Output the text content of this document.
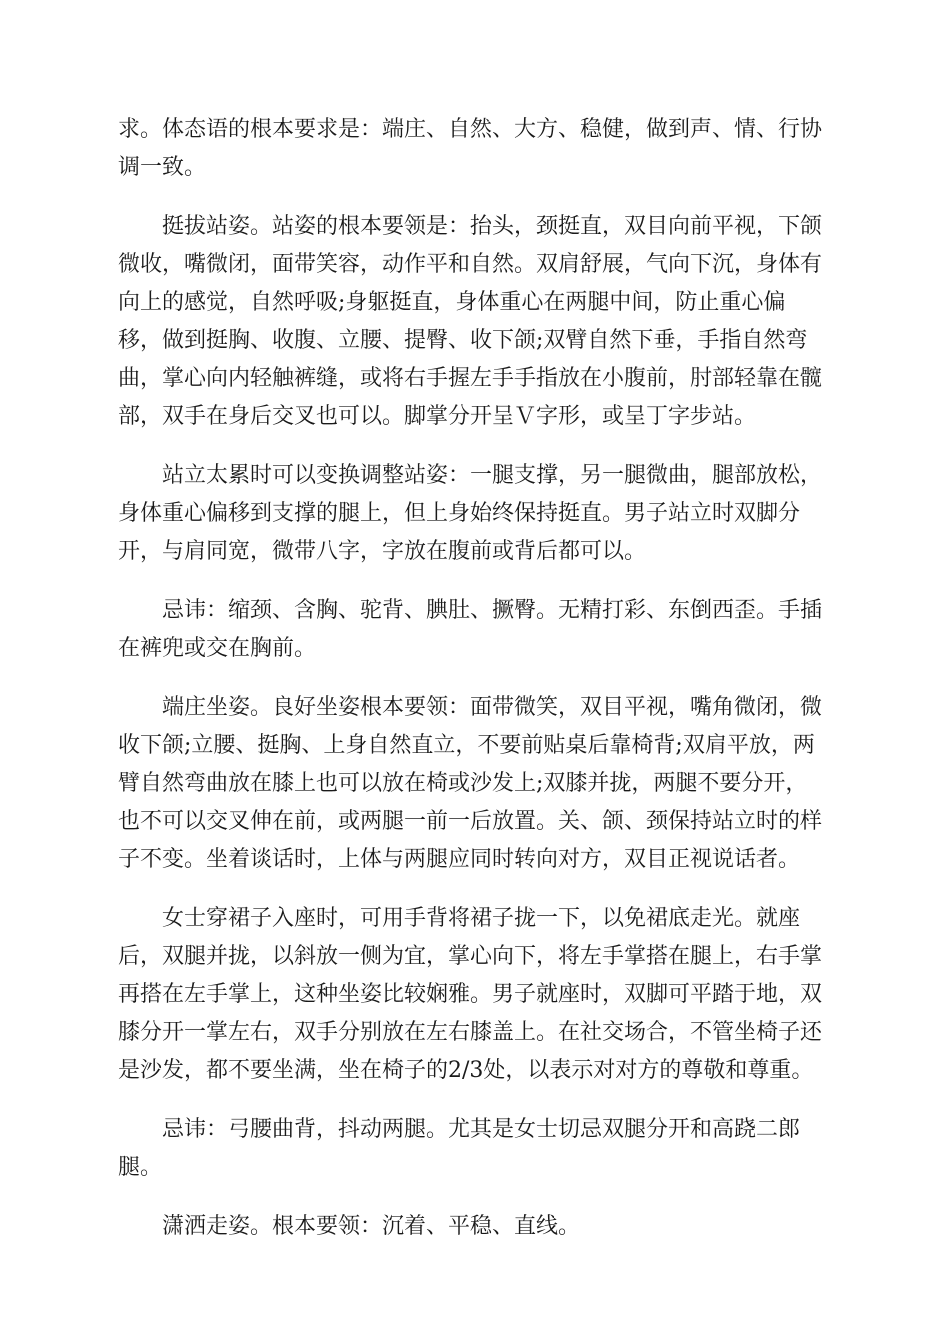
求。体态语的根本要求是：端庄、自然、大方、稳健，做到声、情、行协
调一致。
挺拔站姿。站姿的根本要领是：抬头，颈挺直，双目向前平视，下颌
微收，嘴微闭，面带笑容，动作平和自然。双肩舒展，气向下沉，身体有
向上的感觉，自然呼吸;身躯挺直，身体重心在两腿中间，防止重心偏
移，做到挺胸、收腹、立腰、提臀、收下颌;双臂自然下垂，手指自然弯
曲，掌心向内轻触裤缝，或将右手握左手手指放在小腹前，肘部轻靠在髋
部，双手在身后交叉也可以。脚掌分开呈Ｖ字形，或呈丁字步站。
站立太累时可以变换调整站姿：一腿支撑，另一腿微曲，腿部放松，
身体重心偏移到支撑的腿上，但上身始终保持挺直。男子站立时双脚分
开，与肩同宽，微带八字，字放在腹前或背后都可以。
忌讳：缩颈、含胸、驼背、腆肚、撅臀。无精打彩、东倒西歪。手插
在裤兜或交在胸前。
端庄坐姿。良好坐姿根本要领：面带微笑，双目平视，嘴角微闭，微
收下颌;立腰、挺胸、上身自然直立，不要前贴桌后靠椅背;双肩平放，两
臂自然弯曲放在膝上也可以放在椅或沙发上;双膝并拢，两腿不要分开，
也不可以交叉伸在前，或两腿一前一后放置。关、颌、颈保持站立时的样
子不变。坐着谈话时，上体与两腿应同时转向对方，双目正视说话者。
女士穿裙子入座时，可用手背将裙子拢一下，以免裙底走光。就座
后，双腿并拢，以斜放一侧为宜，掌心向下，将左手掌搭在腿上，右手掌
再搭在左手掌上，这种坐姿比较娴雅。男子就座时，双脚可平踏于地，双
膝分开一掌左右，双手分别放在左右膝盖上。在社交场合，不管坐椅子还
是沙发，都不要坐满，坐在椅子的2/3处，以表示对对方的尊敬和尊重。
忌讳：弓腰曲背，抖动两腿。尤其是女士切忌双腿分开和高跷二郎
腿。
潇洒走姿。根本要领：沉着、平稳、直线。
